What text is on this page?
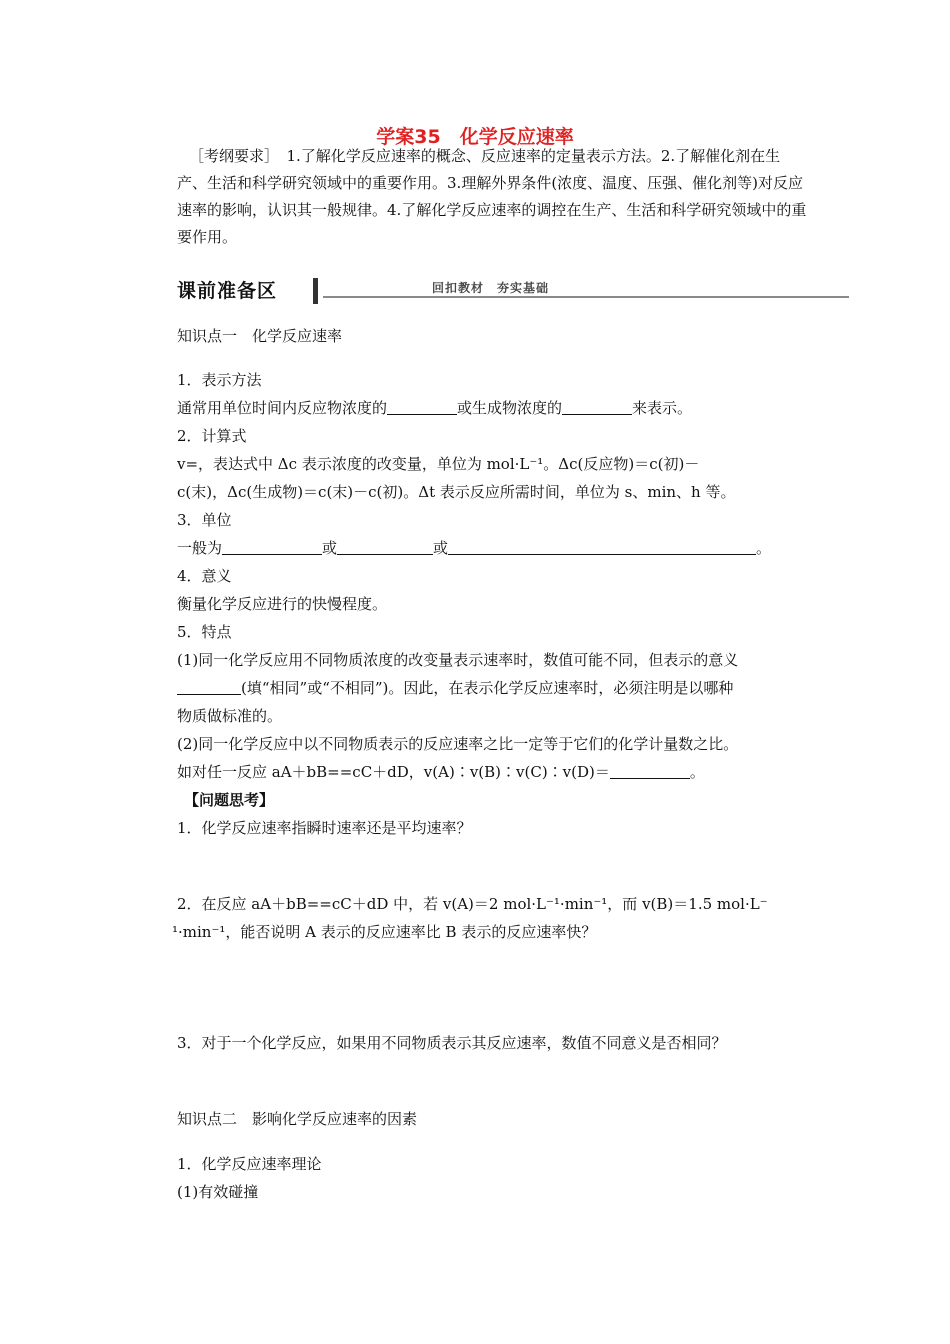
学案35　化学反应速率
［考纲要求］　1.了解化学反应速率的概念、反应速率的定量表示方法。2.了解催化剂在生产、生活和科学研究领域中的重要作用。3.理解外界条件(浓度、温度、压强、催化剂等)对反应速率的影响，认识其一般规律。4.了解化学反应速率的调控在生产、生活和科学研究领域中的重要作用。
课前准备区	回扣教材　夯实基础
知识点一　化学反应速率
1．表示方法
通常用单位时间内反应物浓度的	或生成物浓度的	来表示。
2．计算式
v=，表达式中 Δc 表示浓度的改变量，单位为 mol·L⁻¹。Δc(反应物)＝c(初)－
c(末)，Δc(生成物)＝c(末)－c(初)。Δt 表示反应所需时间，单位为 s、min、h 等。
3．单位
一般为	或	或	。
4．意义
衡量化学反应进行的快慢程度。
5．特点
(1)同一化学反应用不同物质浓度的改变量表示速率时，数值可能不同，但表示的意义
(填“相同”或“不相同”)。因此，在表示化学反应速率时，必须注明是以哪种
物质做标准的。
(2)同一化学反应中以不同物质表示的反应速率之比一定等于它们的化学计量数之比。
如对任一反应 aA＋bB==cC＋dD，v(A)∶v(B)∶v(C)∶v(D)＝	。
【问题思考】
1．化学反应速率指瞬时速率还是平均速率？
2．在反应 aA＋bB==cC＋dD 中，若 v(A)＝2 mol·L⁻¹·min⁻¹，而 v(B)＝1.5 mol·L⁻
¹·min⁻¹，能否说明 A 表示的反应速率比 B 表示的反应速率快？
3．对于一个化学反应，如果用不同物质表示其反应速率，数值不同意义是否相同？
知识点二　影响化学反应速率的因素
1．化学反应速率理论
(1)有效碰撞
